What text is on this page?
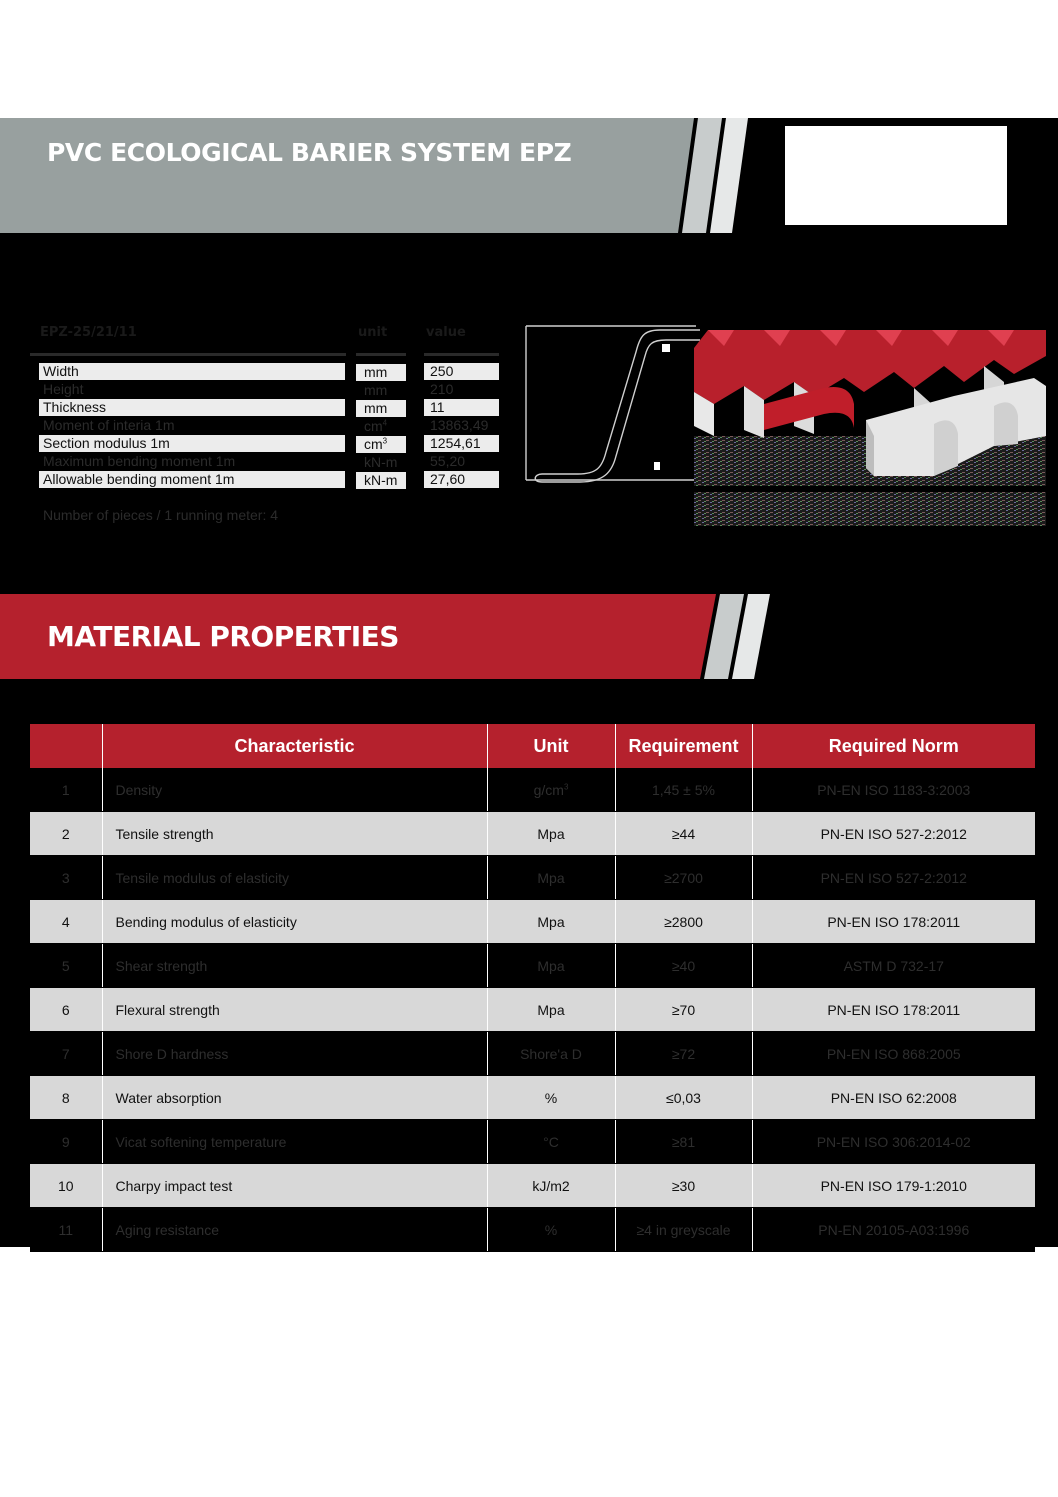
PVC ECOLOGICAL BARIER SYSTEM EPZ
EPZ-25/21/11	unit	value
Width	mm	250
Height	mm	210
Thickness	mm	11
Moment of interia 1m	$cm^4$	13863,49
Section modulus 1m	$cm^3$	1254,61
Maximum bending moment 1m	kN-m	55,20
Allowable bending moment 1m	kN-m	27,60
Number of pieces / 1 running meter: 4
MATERIAL PROPERTIES
	Characteristic	Unit	Requirement	Required Norm
1	Density	$g/cm^3$	1,45 ± 5%	PN-EN ISO 1183-3:2003
2	Tensile strength	Mpa	≥44	PN-EN ISO 527-2:2012
3	Tensile modulus of elasticity	Mpa	≥2700	PN-EN ISO 527-2:2012
4	Bending modulus of elasticity	Mpa	≥2800	PN-EN ISO 178:2011
5	Shear strength	Mpa	≥40	ASTM D 732-17
6	Flexural strength	Mpa	≥70	PN-EN ISO 178:2011
7	Shore D hardness	Shore'a D	≥72	PN-EN ISO 868:2005
8	Water absorption	%	≤0,03	PN-EN ISO 62:2008
9	Vicat softening temperature	°C	≥81	PN-EN ISO 306:2014-02
10	Charpy impact test	kJ/m2	≥30	PN-EN ISO 179-1:2010
11	Aging resistance	%	≥4 in greyscale	PN-EN 20105-A03:1996
